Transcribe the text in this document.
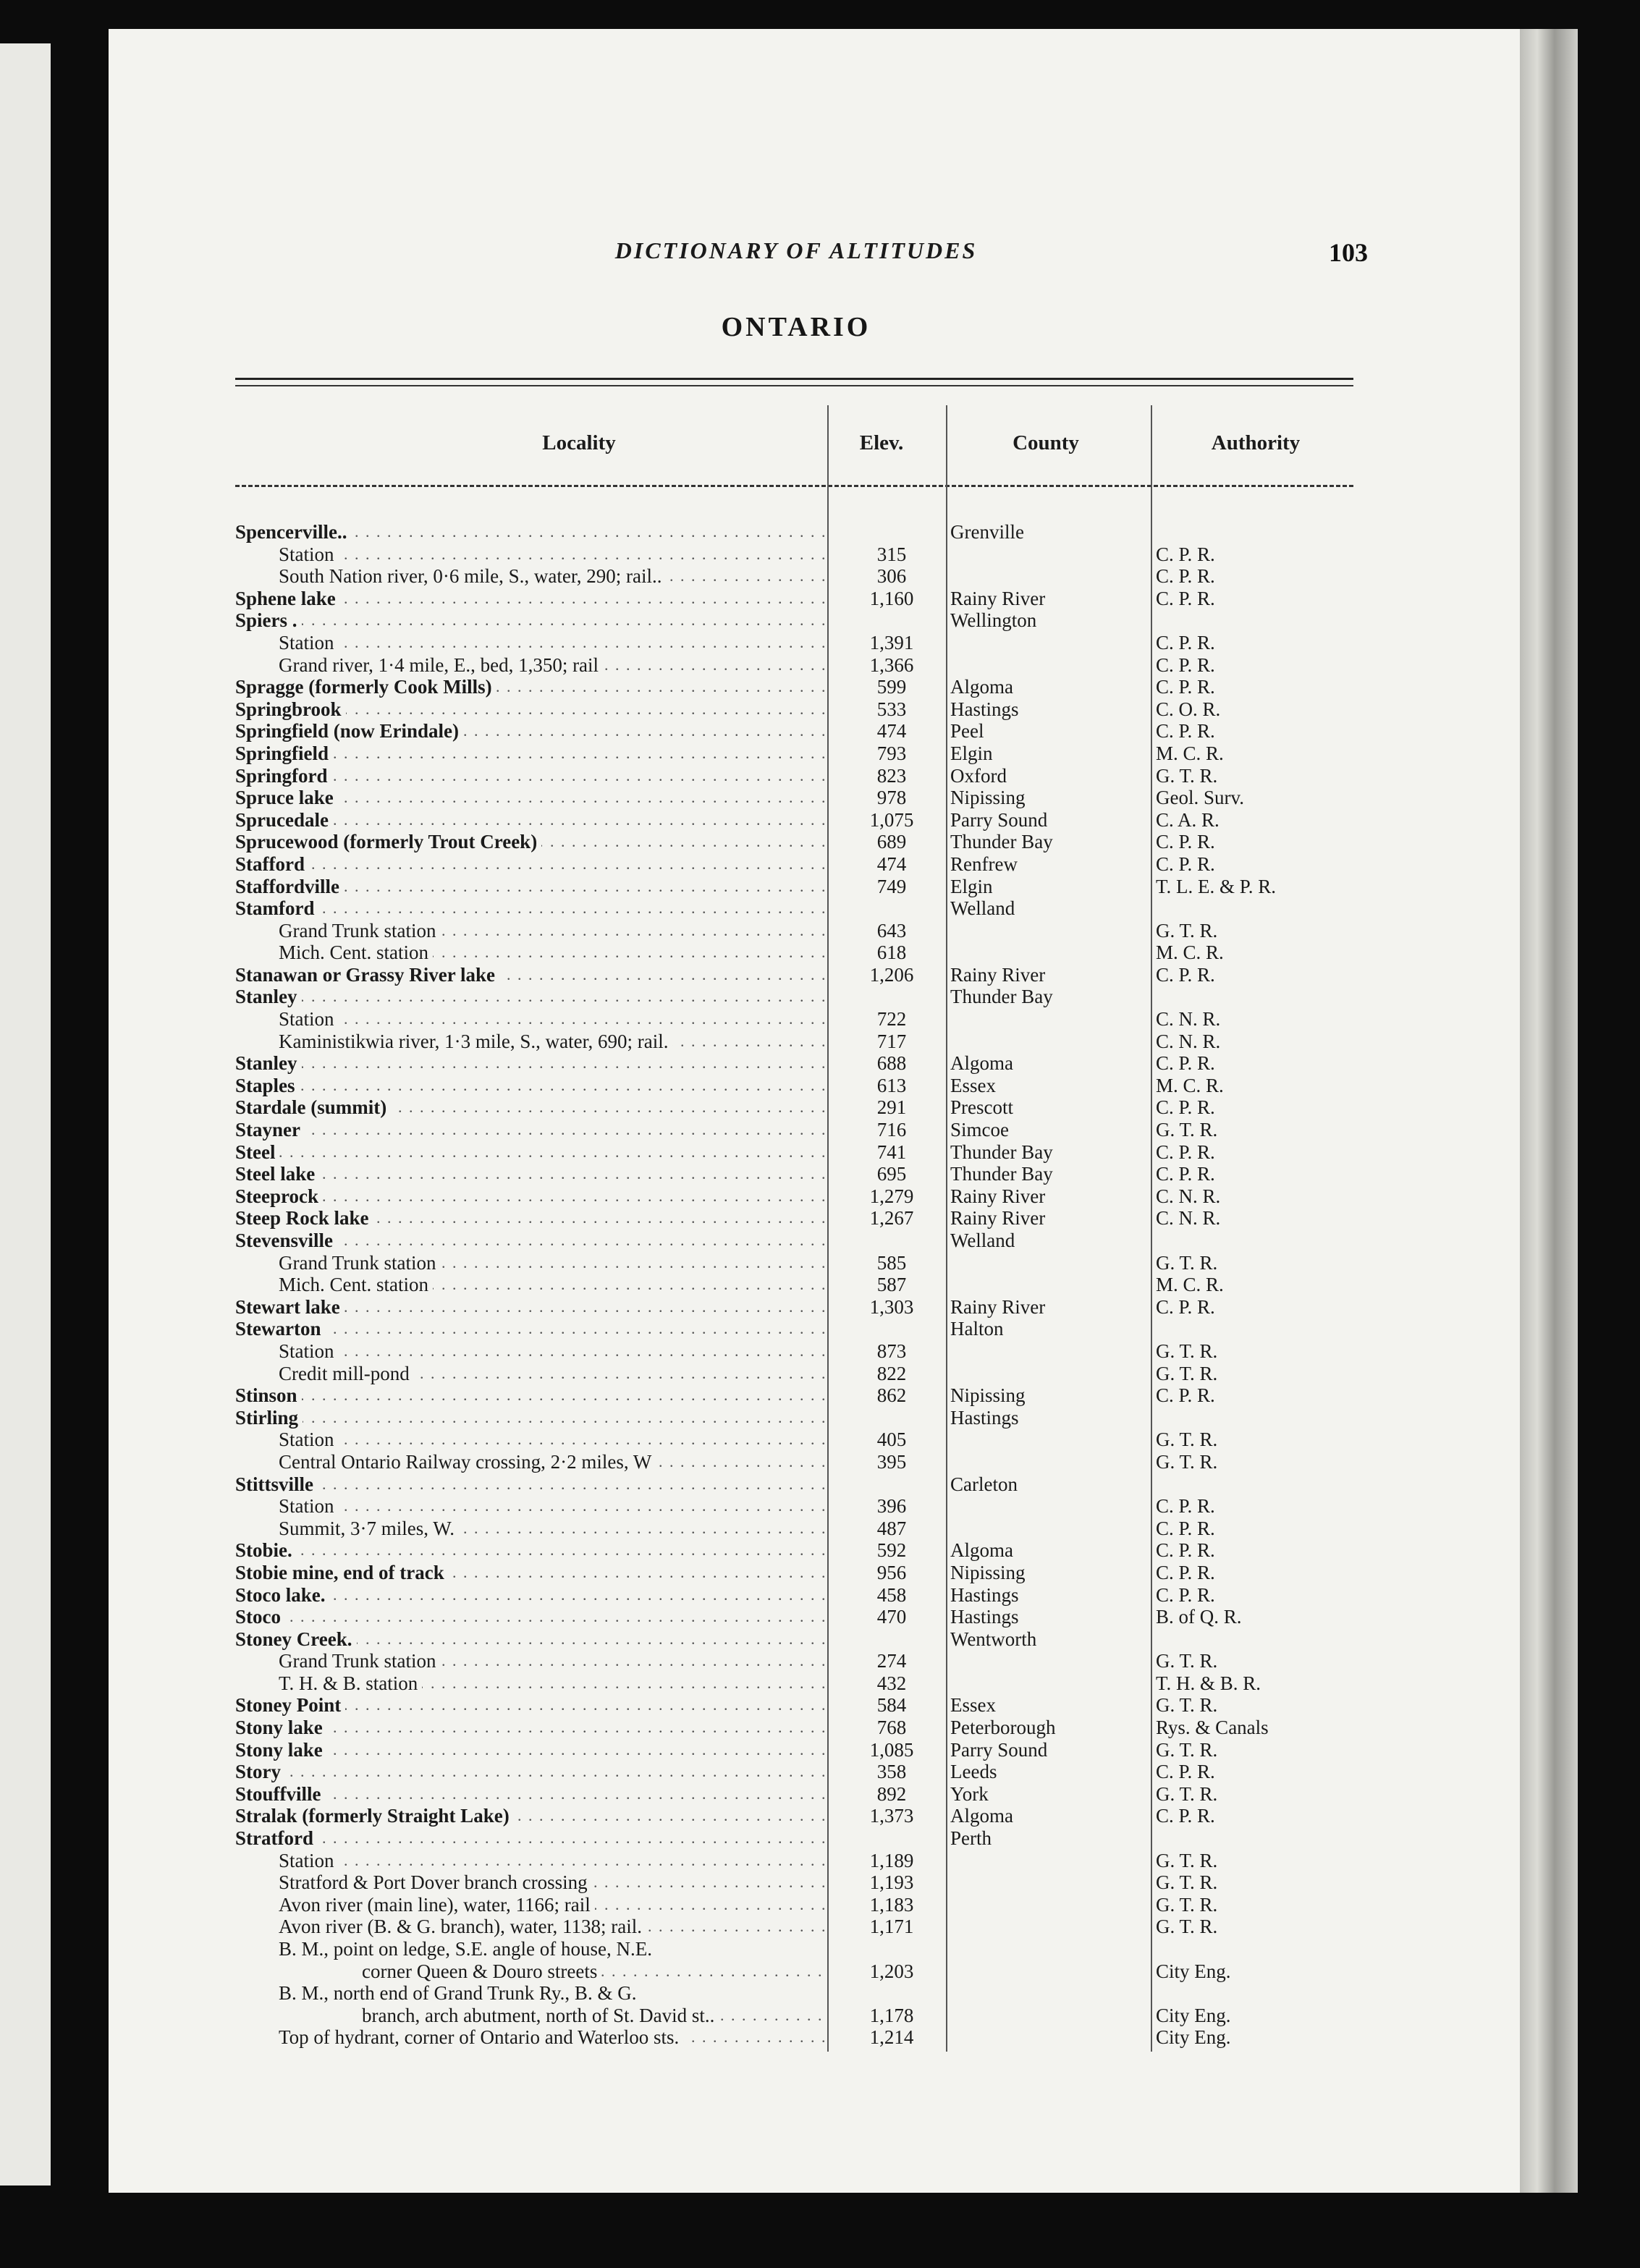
DICTIONARY OF ALTITUDES	103
ONTARIO
Locality	Elev.	County	Authority
Spencerville.. . . .	Grenville
Station . . .	315	C. P. R.
South Nation river, 0·6 mile, S., water, 290; rail.. . . .	306	C. P. R.
Sphene lake . . .	1,160	Rainy River	C. P. R.
Spiers . . . .	Wellington
Station . . .	1,391	C. P. R.
Grand river, 1·4 mile, E., bed, 1,350; rail . . .	1,366	C. P. R.
Spragge (formerly Cook Mills) . . .	599	Algoma	C. P. R.
Springbrook . . .	533	Hastings	C. O. R.
Springfield (now Erindale) . . .	474	Peel	C. P. R.
Springfield . . .	793	Elgin	M. C. R.
Springford . . .	823	Oxford	G. T. R.
Spruce lake . . .	978	Nipissing	Geol. Surv.
Sprucedale . . .	1,075	Parry Sound	C. A. R.
Sprucewood (formerly Trout Creek) . . .	689	Thunder Bay	C. P. R.
Stafford . . .	474	Renfrew	C. P. R.
Staffordville . . .	749	Elgin	T. L. E. & P. R.
Stamford . . .	Welland
Grand Trunk station . . .	643	G. T. R.
Mich. Cent. station . . .	618	M. C. R.
Stanawan or Grassy River lake . . .	1,206	Rainy River	C. P. R.
Stanley . . .	Thunder Bay
Station . . .	722	C. N. R.
Kaministikwia river, 1·3 mile, S., water, 690; rail. . . .	717	C. N. R.
Stanley . . .	688	Algoma	C. P. R.
Staples . . .	613	Essex	M. C. R.
Stardale (summit) . . .	291	Prescott	C. P. R.
Stayner . . .	716	Simcoe	G. T. R.
Steel . . .	741	Thunder Bay	C. P. R.
Steel lake . . .	695	Thunder Bay	C. P. R.
Steeprock . . .	1,279	Rainy River	C. N. R.
Steep Rock lake . . .	1,267	Rainy River	C. N. R.
Stevensville . . .	Welland
Grand Trunk station . . .	585	G. T. R.
Mich. Cent. station . . .	587	M. C. R.
Stewart lake . . .	1,303	Rainy River	C. P. R.
Stewarton . . .	Halton
Station . . .	873	G. T. R.
Credit mill-pond . . .	822	G. T. R.
Stinson . . .	862	Nipissing	C. P. R.
Stirling . . .	Hastings
Station . . .	405	G. T. R.
Central Ontario Railway crossing, 2·2 miles, W . . .	395	G. T. R.
Stittsville . . .	Carleton
Station . . .	396	C. P. R.
Summit, 3·7 miles, W. . . .	487	C. P. R.
Stobie. . . .	592	Algoma	C. P. R.
Stobie mine, end of track . . .	956	Nipissing	C. P. R.
Stoco lake. . . .	458	Hastings	C. P. R.
Stoco . . .	470	Hastings	B. of Q. R.
Stoney Creek. . . .	Wentworth
Grand Trunk station . . .	274	G. T. R.
T. H. & B. station . . .	432	T. H. & B. R.
Stoney Point . . .	584	Essex	G. T. R.
Stony lake . . .	768	Peterborough	Rys. & Canals
Stony lake . . .	1,085	Parry Sound	G. T. R.
Story . . .	358	Leeds	C. P. R.
Stouffville . . .	892	York	G. T. R.
Stralak (formerly Straight Lake) . . .	1,373	Algoma	C. P. R.
Stratford . . .	Perth
Station . . .	1,189	G. T. R.
Stratford & Port Dover branch crossing . . .	1,193	G. T. R.
Avon river (main line), water, 1166; rail . . .	1,183	G. T. R.
Avon river (B. & G. branch), water, 1138; rail. . . .	1,171	G. T. R.
B. M., point on ledge, S.E. angle of house, N.E.
corner Queen & Douro streets . . .	1,203	City Eng.
B. M., north end of Grand Trunk Ry., B. & G.
branch, arch abutment, north of St. David st.. . . .	1,178	City Eng.
Top of hydrant, corner of Ontario and Waterloo sts. . . .	1,214	City Eng.
